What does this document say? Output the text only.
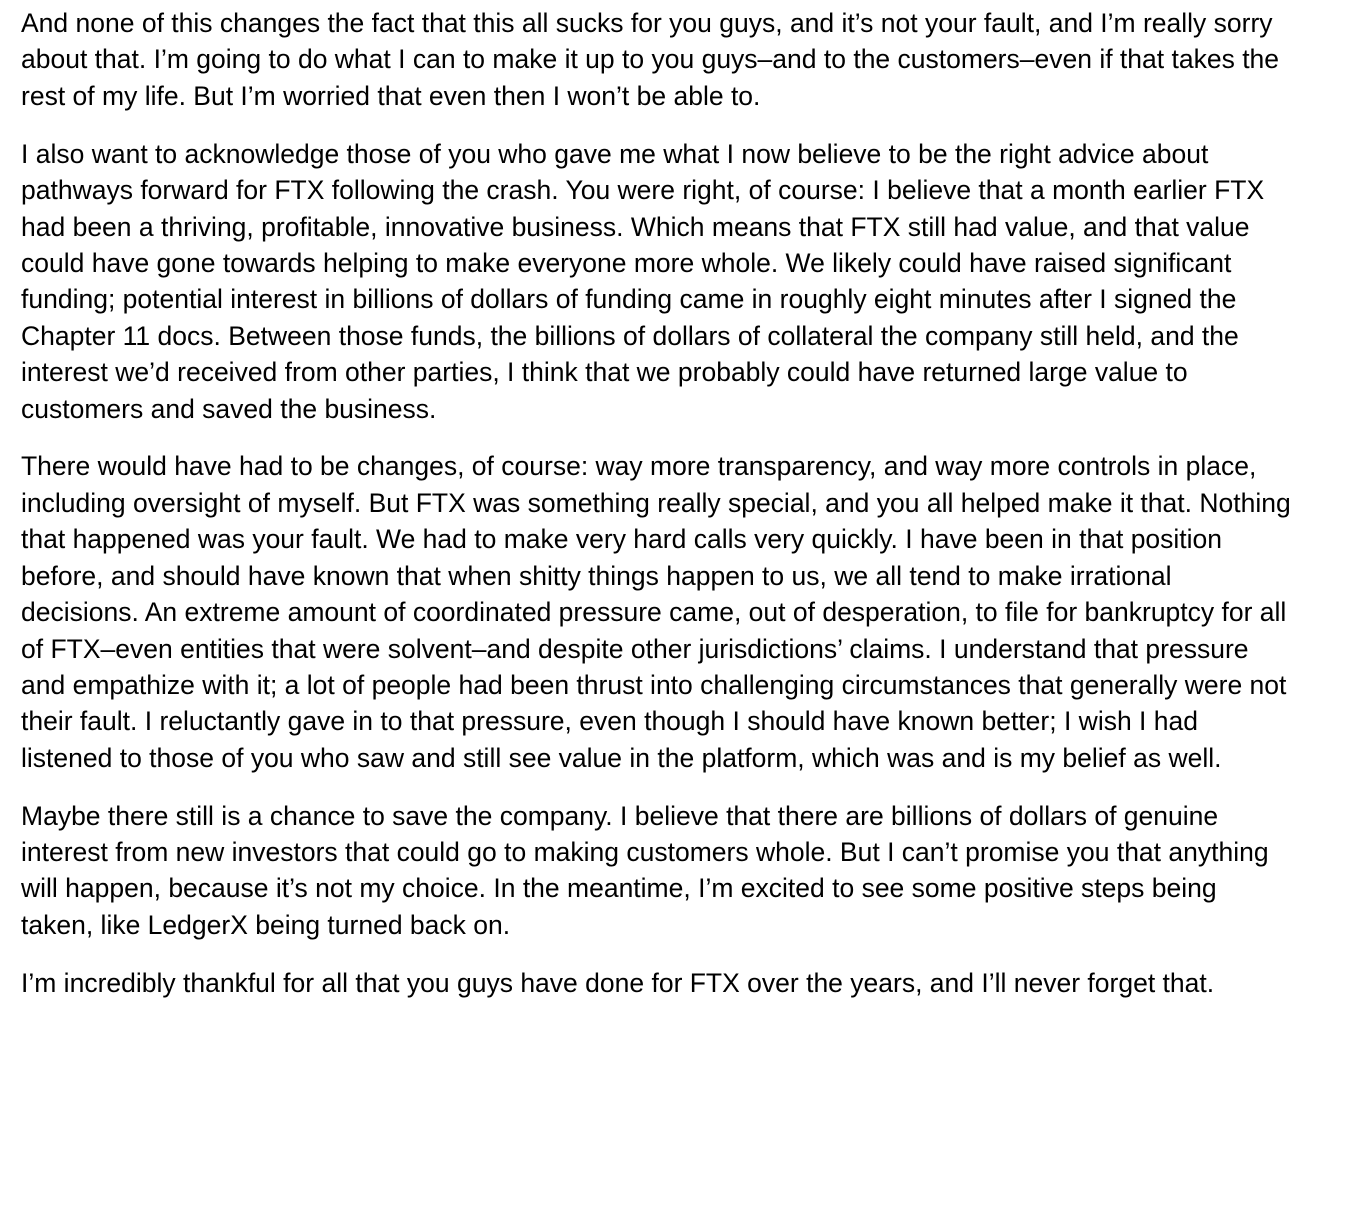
And none of this changes the fact that this all sucks for you guys, and it’s not your fault, and I’m really sorry about that. I’m going to do what I can to make it up to you guys–and to the customers–even if that takes the rest of my life. But I’m worried that even then I won’t be able to.

I also want to acknowledge those of you who gave me what I now believe to be the right advice about pathways forward for FTX following the crash. You were right, of course: I believe that a month earlier FTX had been a thriving, profitable, innovative business. Which means that FTX still had value, and that value could have gone towards helping to make everyone more whole. We likely could have raised significant funding; potential interest in billions of dollars of funding came in roughly eight minutes after I signed the Chapter 11 docs. Between those funds, the billions of dollars of collateral the company still held, and the interest we’d received from other parties, I think that we probably could have returned large value to customers and saved the business.

There would have had to be changes, of course: way more transparency, and way more controls in place, including oversight of myself. But FTX was something really special, and you all helped make it that. Nothing that happened was your fault. We had to make very hard calls very quickly. I have been in that position before, and should have known that when shitty things happen to us, we all tend to make irrational decisions. An extreme amount of coordinated pressure came, out of desperation, to file for bankruptcy for all of FTX–even entities that were solvent–and despite other jurisdictions’ claims. I understand that pressure and empathize with it; a lot of people had been thrust into challenging circumstances that generally were not their fault. I reluctantly gave in to that pressure, even though I should have known better; I wish I had listened to those of you who saw and still see value in the platform, which was and is my belief as well.

Maybe there still is a chance to save the company. I believe that there are billions of dollars of genuine interest from new investors that could go to making customers whole. But I can’t promise you that anything will happen, because it’s not my choice. In the meantime, I’m excited to see some positive steps being taken, like LedgerX being turned back on.

I’m incredibly thankful for all that you guys have done for FTX over the years, and I’ll never forget that.
